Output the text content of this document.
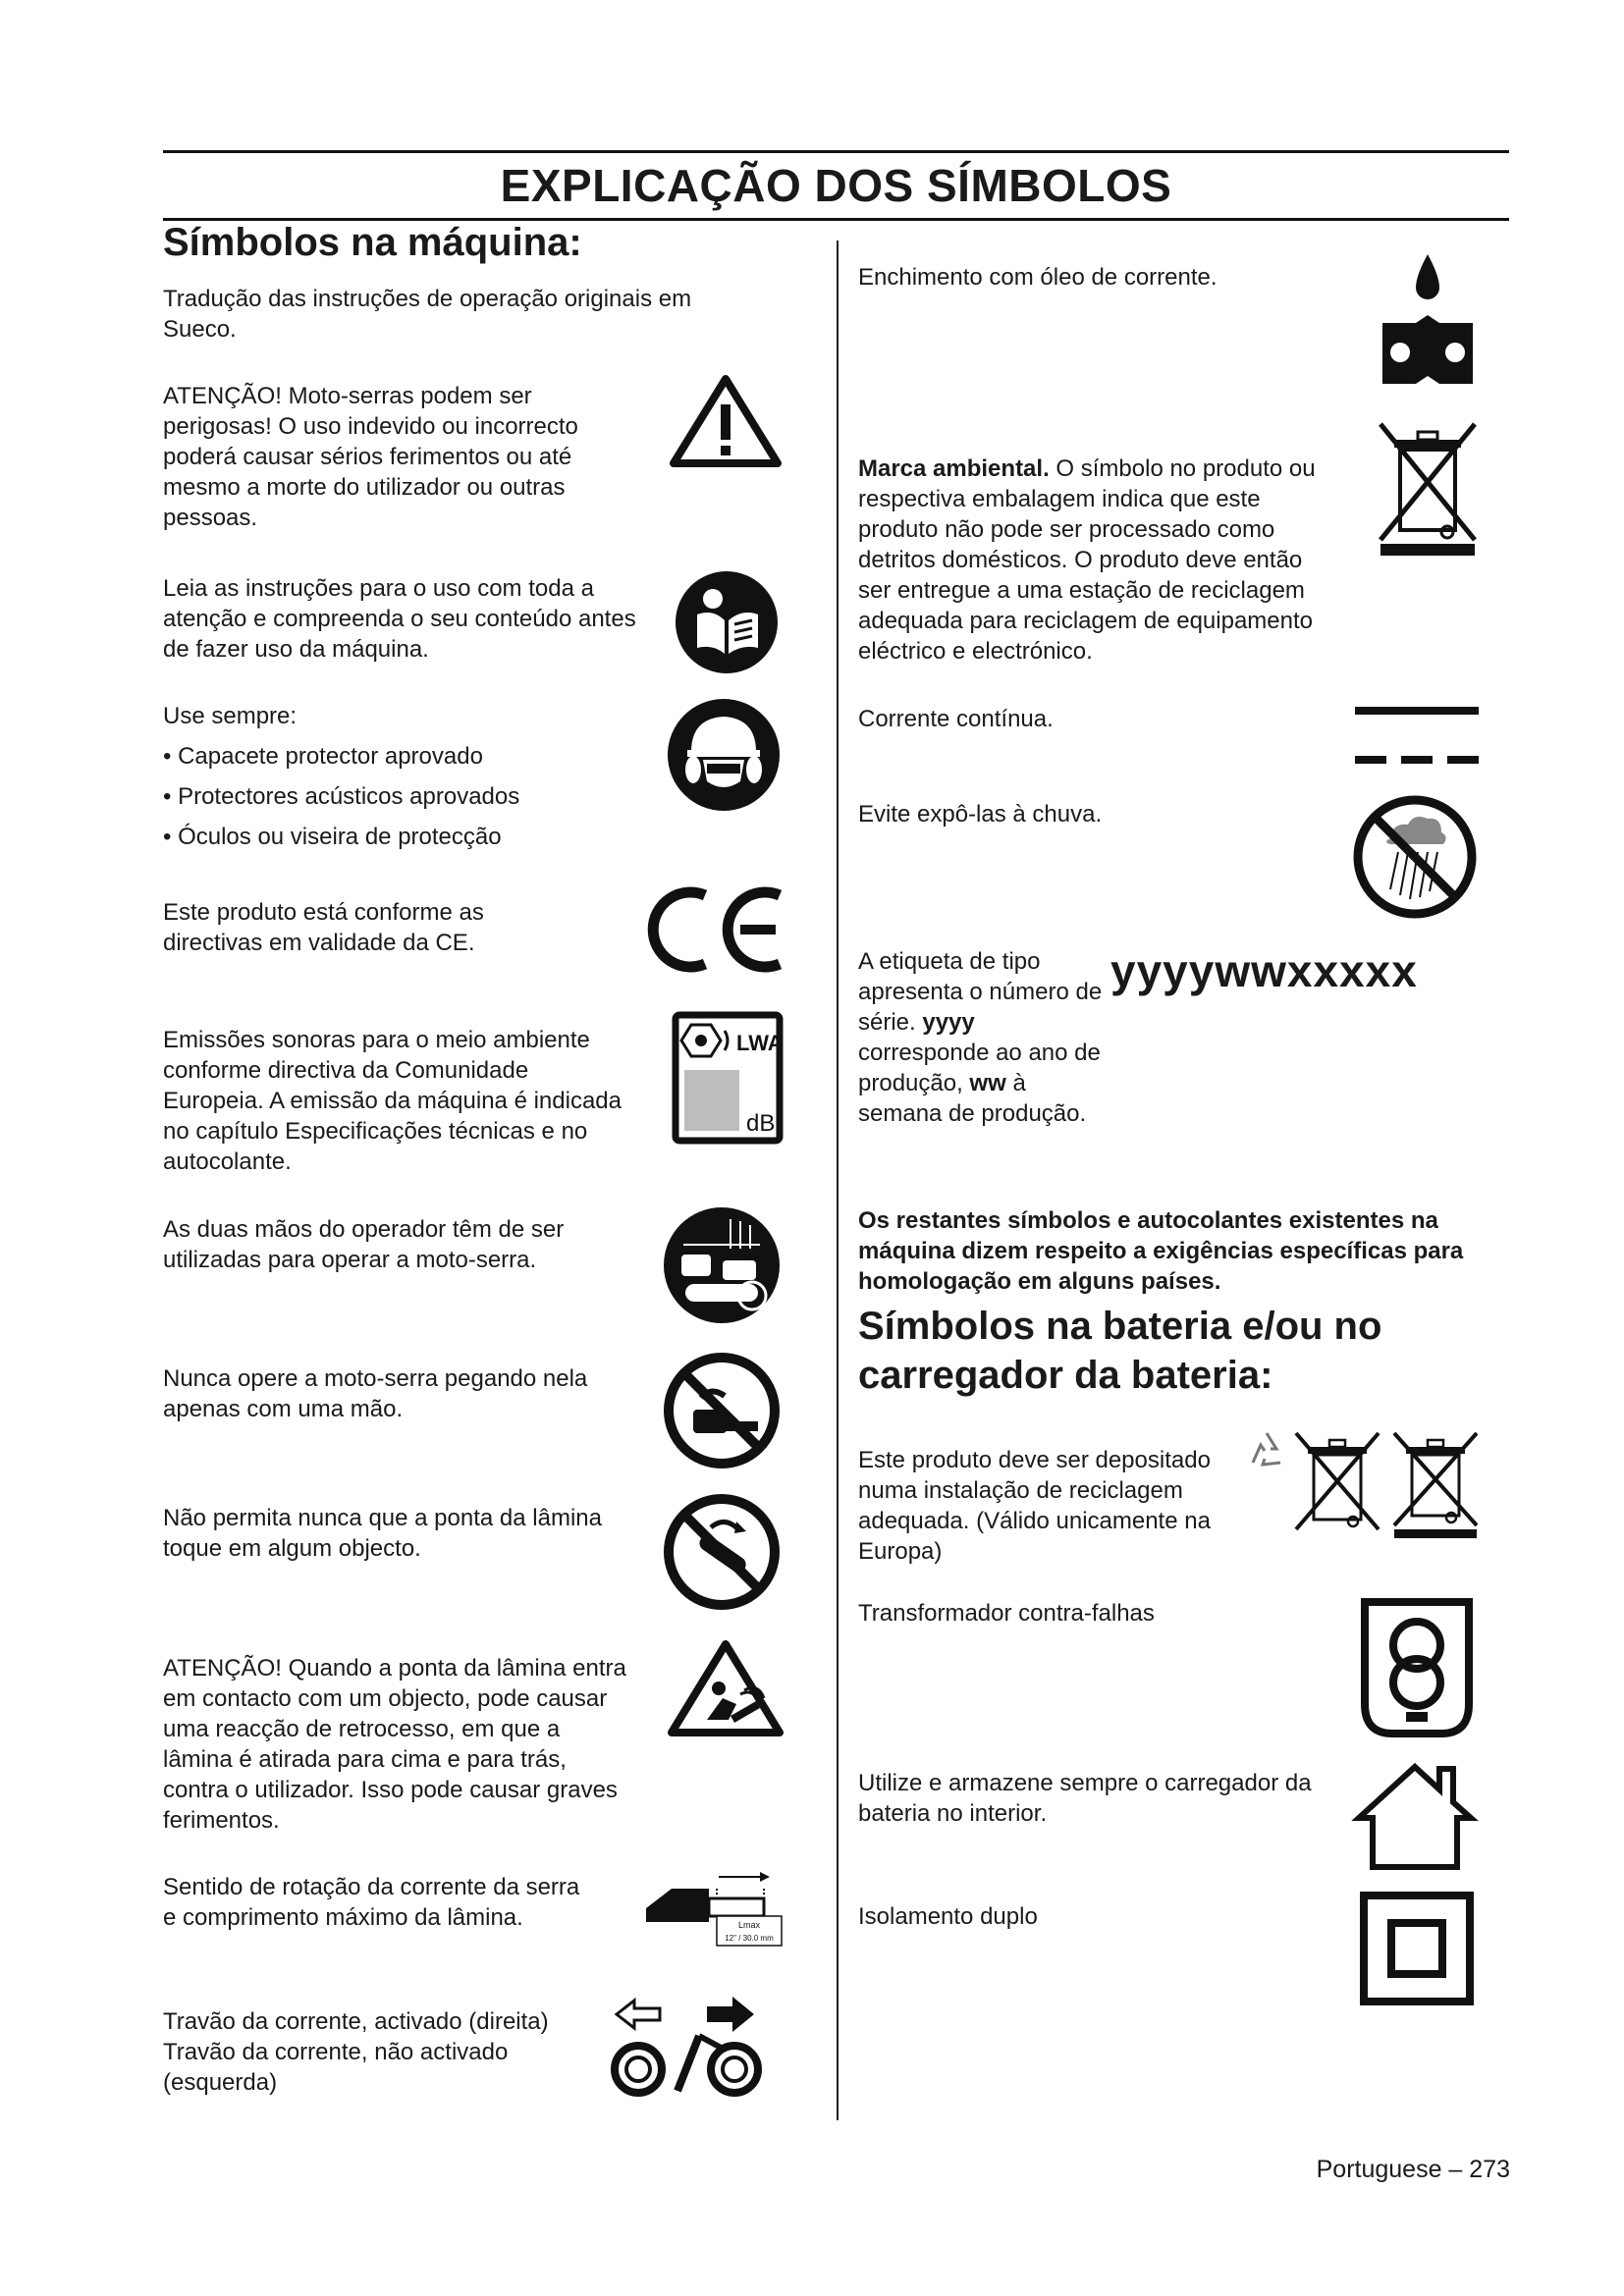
EXPLICAÇÃO DOS SÍMBOLOS
Símbolos na máquina:
Tradução das instruções de operação originais em Sueco.
ATENÇÃO! Moto-serras podem ser perigosas! O uso indevido ou incorrecto poderá causar sérios ferimentos ou até mesmo a morte do utilizador ou outras pessoas.
Leia as instruções para o uso com toda a atenção e compreenda o seu conteúdo antes de fazer uso da máquina.
Use sempre:
• Capacete protector aprovado
• Protectores acústicos aprovados
• Óculos ou viseira de protecção
Este produto está conforme as directivas em validade da CE.
Emissões sonoras para o meio ambiente conforme directiva da Comunidade Europeia. A emissão da máquina é indicada no capítulo Especificações técnicas e no autocolante.
LWA
dB
As duas mãos do operador têm de ser utilizadas para operar a moto-serra.
Nunca opere a moto-serra pegando nela apenas com uma mão.
Não permita nunca que a ponta da lâmina toque em algum objecto.
ATENÇÃO! Quando a ponta da lâmina entra em contacto com um objecto, pode causar uma reacção de retrocesso, em que a lâmina é atirada para cima e para trás, contra o utilizador. Isso pode causar graves ferimentos.
Sentido de rotação da corrente da serra e comprimento máximo da lâmina.	Lmax
12" / 30.0 mm
Travão da corrente, activado (direita) Travão da corrente, não activado (esquerda)
Enchimento com óleo de corrente.
Marca ambiental. O símbolo no produto ou respectiva embalagem indica que este produto não pode ser processado como detritos domésticos. O produto deve então ser entregue a uma estação de reciclagem adequada para reciclagem de equipamento eléctrico e electrónico.
Corrente contínua.
Evite expô-las à chuva.
A etiqueta de tipo apresenta o número de série. yyyy corresponde ao ano de produção, ww à semana de produção.
yyyywwxxxxx
Os restantes símbolos e autocolantes existentes na máquina dizem respeito a exigências específicas para homologação em alguns países.
Símbolos na bateria e/ou no carregador da bateria:
Este produto deve ser depositado numa instalação de reciclagem adequada. (Válido unicamente na Europa)
Transformador contra-falhas
Utilize e armazene sempre o carregador da bateria no interior.
Isolamento duplo
Portuguese – 273
